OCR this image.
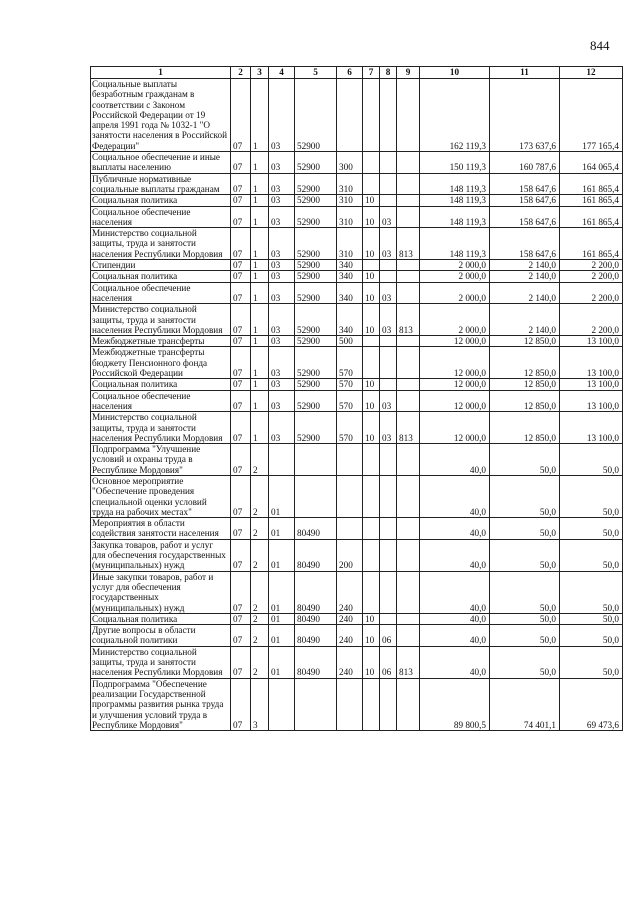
844
1	2	3	4	5	6	7	8	9	10	11	12
Социальные выплаты безработным гражданам в соответствии с Законом Российской Федерации от 19 апреля 1991 года № 1032-1 "О занятости населения в Российской Федерации"	07	1	03	52900					162 119,3	173 637,6	177 165,4
Социальное обеспечение и иные выплаты населению	07	1	03	52900	300				150 119,3	160 787,6	164 065,4
Публичные нормативные социальные выплаты гражданам	07	1	03	52900	310				148 119,3	158 647,6	161 865,4
Социальная политика	07	1	03	52900	310	10			148 119,3	158 647,6	161 865,4
Социальное обеспечение населения	07	1	03	52900	310	10	03		148 119,3	158 647,6	161 865,4
Министерство социальной защиты, труда и занятости населения Республики Мордовия	07	1	03	52900	310	10	03	813	148 119,3	158 647,6	161 865,4
Стипендии	07	1	03	52900	340				2 000,0	2 140,0	2 200,0
Социальная политика	07	1	03	52900	340	10			2 000,0	2 140,0	2 200,0
Социальное обеспечение населения	07	1	03	52900	340	10	03		2 000,0	2 140,0	2 200,0
Министерство социальной защиты, труда и занятости населения Республики Мордовия	07	1	03	52900	340	10	03	813	2 000,0	2 140,0	2 200,0
Межбюджетные трансферты	07	1	03	52900	500				12 000,0	12 850,0	13 100,0
Межбюджетные трансферты бюджету Пенсионного фонда Российской Федерации	07	1	03	52900	570				12 000,0	12 850,0	13 100,0
Социальная политика	07	1	03	52900	570	10			12 000,0	12 850,0	13 100,0
Социальное обеспечение населения	07	1	03	52900	570	10	03		12 000,0	12 850,0	13 100,0
Министерство социальной защиты, труда и занятости населения Республики Мордовия	07	1	03	52900	570	10	03	813	12 000,0	12 850,0	13 100,0
Подпрограмма "Улучшение условий и охраны труда в Республике Мордовия"	07	2							40,0	50,0	50,0
Основное мероприятие "Обеспечение проведения специальной оценки условий труда на рабочих местах"	07	2	01						40,0	50,0	50,0
Мероприятия в области содействия занятости населения	07	2	01	80490					40,0	50,0	50,0
Закупка товаров, работ и услуг для обеспечения государственных (муниципальных) нужд	07	2	01	80490	200				40,0	50,0	50,0
Иные закупки товаров, работ и услуг для обеспечения государственных (муниципальных) нужд	07	2	01	80490	240				40,0	50,0	50,0
Социальная политика	07	2	01	80490	240	10			40,0	50,0	50,0
Другие вопросы в области социальной политики	07	2	01	80490	240	10	06		40,0	50,0	50,0
Министерство социальной защиты, труда и занятости населения Республики Мордовия	07	2	01	80490	240	10	06	813	40,0	50,0	50,0
Подпрограмма "Обеспечение реализации Государственной программы развития рынка труда и улучшения условий труда в Республике Мордовия"	07	3							89 800,5	74 401,1	69 473,6
